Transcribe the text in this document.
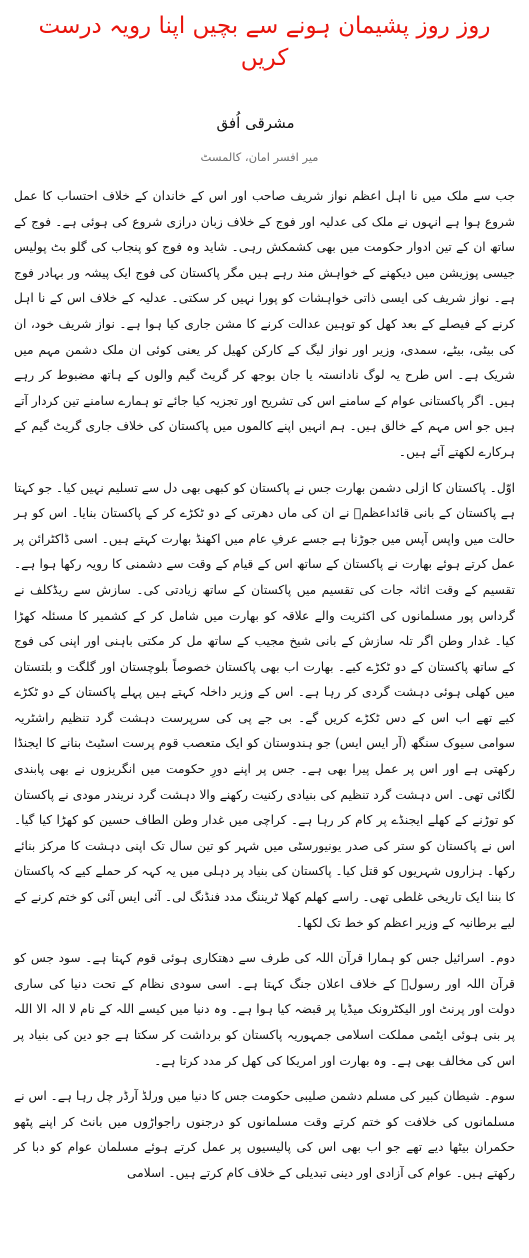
روز روز پشیمان ہونے سے بچیں اپنا رویہ درست کریں
مشرقی اُفق
میر افسر امان، کالمسٹ

جب سے ملک میں نا اہل اعظم نواز شریف صاحب اور اس کے خاندان کے خلاف احتساب کا عمل شروع ہوا ہے انہوں نے ملک کی عدلیہ اور فوج کے خلاف زبان درازی شروع کی ہوئی ہے۔ فوج کے ساتھ ان کے تین ادوار حکومت میں بھی کشمکش رہی۔ شاید وہ فوج کو پنجاب کی گلو بٹ پولیس جیسی پوزیشن میں دیکھنے کے خواہش مند رہے ہیں مگر پاکستان کی فوج ایک پیشہ ور بہادر فوج ہے۔ نواز شریف کی ایسی ذاتی خواہشات کو پورا نہیں کر سکتی۔ عدلیہ کے خلاف اس کے نا اہل کرنے کے فیصلے کے بعد کھل کو توہین عدالت کرنے کا مشن جاری کیا ہوا ہے۔ نواز شریف خود، ان کی بیٹی، بیٹے، سمدی، وزیر اور نواز لیگ کے کارکن کھیل کر یعنی کوئی ان ملک دشمن مہم میں شریک ہے۔ اس طرح یہ لوگ نادانستہ یا جان بوجھ کر گریٹ گیم والوں کے ہاتھ مضبوط کر رہے ہیں۔ اگر پاکستانی عوام کے سامنے اس کی تشریح اور تجزیہ کیا جائے تو ہمارے سامنے تین کردار آتے ہیں جو اس مہم کے خالق ہیں۔ ہم انہیں اپنے کالموں میں پاکستان کی خلاف جاری گریٹ گیم کے ہرکارے لکھتے آئے ہیں۔

اوّل۔ پاکستان کا ازلی دشمن بھارت جس نے پاکستان کو کبھی بھی دل سے تسلیم نہیں کیا۔ جو کہتا ہے پاکستان کے بانی قائداعظمؒ نے ان کی ماں دھرتی کے دو ٹکڑے کر کے پاکستان بنایا۔ اس کو ہر حالت میں واپس آپس میں جوڑنا ہے جسے عرفِ عام میں اکھنڈ بھارت کہتے ہیں۔ اسی ڈاکٹرائن پر عمل کرتے ہوئے بھارت نے پاکستان کے ساتھ اس کے قیام کے وقت سے دشمنی کا رویہ رکھا ہوا ہے۔ تقسیم کے وقت اثاثہ جات کی تقسیم میں پاکستان کے ساتھ زیادتی کی۔ سازش سے ریڈکلف نے گرداس پور مسلمانوں کی اکثریت والے علاقہ کو بھارت میں شامل کر کے کشمیر کا مسئلہ کھڑا کیا۔ غدار وطن اگر تلہ سازش کے بانی شیخ مجیب کے ساتھ مل کر مکتی باہنی اور اپنی کی فوج کے ساتھ پاکستان کے دو ٹکڑے کیے۔ بھارت اب بھی پاکستان خصوصاً بلوچستان اور گلگت و بلتستان میں کھلی ہوئی دہشت گردی کر رہا ہے۔ اس کے وزیر داخلہ کہتے ہیں پہلے پاکستان کے دو ٹکڑے کیے تھے اب اس کے دس ٹکڑے کریں گے۔ بی جے پی کی سرپرست دہشت گرد تنظیم راشٹریہ سوامی سیوک سنگھ (آر ایس ایس) جو ہندوستان کو ایک متعصب قوم پرست اسٹیٹ بنانے کا ایجنڈا رکھتی ہے اور اس پر عمل پیرا بھی ہے۔ جس پر اپنے دورِ حکومت میں انگریزوں نے بھی پابندی لگائی تھی۔ اس دہشت گرد تنظیم کی بنیادی رکنیت رکھنے والا دہشت گرد نریندر مودی نے پاکستان کو توڑنے کے کھلے ایجنڈے پر کام کر رہا ہے۔ کراچی میں غدار وطن الطاف حسین کو کھڑا کیا گیا۔ اس نے پاکستان کو ستر کی صدر یونیورسٹی میں شہر کو تین سال تک اپنی دہشت کا مرکز بنائے رکھا۔ ہزاروں شہریوں کو قتل کیا۔ پاکستان کی بنیاد پر دہلی میں یہ کہہ کر حملے کیے کہ پاکستان کا بننا ایک تاریخی غلطی تھی۔ راسے کھلم کھلا ٹریننگ مدد فنڈنگ لی۔ آئی ایس آئی کو ختم کرنے کے لیے برطانیہ کے وزیر اعظم کو خط تک لکھا۔

دوم۔ اسرائیل جس کو ہمارا قرآن اللہ کی طرف سے دھتکاری ہوئی قوم کہتا ہے۔ سود جس کو قرآن اللہ اور رسولؐ کے خلاف اعلان جنگ کہتا ہے۔ اسی سودی نظام کے تحت دنیا کی ساری دولت اور پرنٹ اور الیکٹرونک میڈیا پر قبضہ کیا ہوا ہے۔ وہ دنیا میں کیسے اللہ کے نام لا الہ الا اللہ پر بنی ہوئی ایٹمی مملکت اسلامی جمہوریہ پاکستان کو برداشت کر سکتا ہے جو دین کی بنیاد پر اس کی مخالف بھی ہے۔ وہ بھارت اور امریکا کی کھل کر مدد کرتا ہے۔

سوم۔ شیطان کبیر کی مسلم دشمن صلیبی حکومت جس کا دنیا میں ورلڈ آرڈر چل رہا ہے۔ اس نے مسلمانوں کی خلافت کو ختم کرتے وقت مسلمانوں کو درجنوں راجواڑوں میں بانٹ کر اپنے پٹھو حکمران بیٹھا دیے تھے جو اب بھی اس کی پالیسیوں پر عمل کرتے ہوئے مسلمان عوام کو دبا کر رکھتے ہیں۔ عوام کی آزادی اور دینی تبدیلی کے خلاف کام کرتے ہیں۔ اسلامی
